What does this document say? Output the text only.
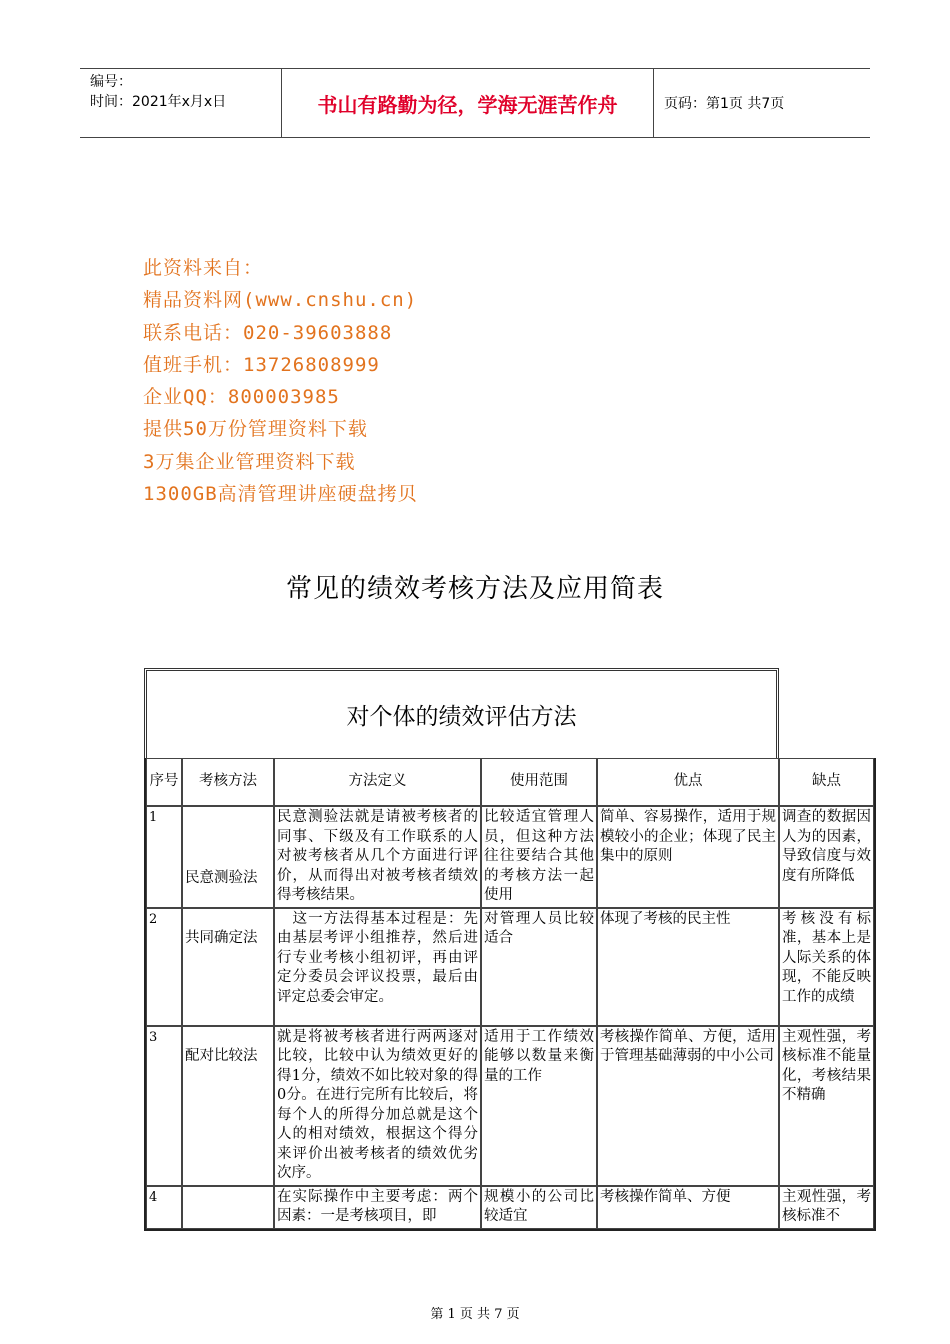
编号：
时间：2021年x月x日	书山有路勤为径，学海无涯苦作舟	页码：第1页 共7页
此资料来自：
精品资料网(www.cnshu.cn)
联系电话：020-39603888
值班手机：13726808999
企业QQ：800003985
提供50万份管理资料下载
3万集企业管理资料下载
1300GB高清管理讲座硬盘拷贝
常见的绩效考核方法及应用简表
对个体的绩效评估方法
序号	考核方法	方法定义	使用范围	优点	缺点
1	民意测验法	民意测验法就是请被考核者的同事、下级及有工作联系的人对被考核者从几个方面进行评价，从而得出对被考核者绩效得考核结果。	比较适宜管理人员，但这种方法往往要结合其他的考核方法一起使用	简单、容易操作，适用于规模较小的企业；体现了民主集中的原则	调查的数据因人为的因素，导致信度与效度有所降低
2	共同确定法	　这一方法得基本过程是：先由基层考评小组推荐，然后进行专业考核小组初评，再由评定分委员会评议投票，最后由评定总委会审定。	对管理人员比较适合	体现了考核的民主性	考核没有标准，基本上是人际关系的体现，不能反映工作的成绩
3	配对比较法	就是将被考核者进行两两逐对比较，比较中认为绩效更好的得1分，绩效不如比较对象的得0分。在进行完所有比较后，将每个人的所得分加总就是这个人的相对绩效，根据这个得分来评价出被考核者的绩效优劣次序。	适用于工作绩效能够以数量来衡量的工作	考核操作简单、方便，适用于管理基础薄弱的中小公司	主观性强，考核标准不能量化，考核结果不精确
4		在实际操作中主要考虑：两个因素：一是考核项目，即	规模小的公司比较适宜	考核操作简单、方便	主观性强，考核标准不
第 1 页 共 7 页
